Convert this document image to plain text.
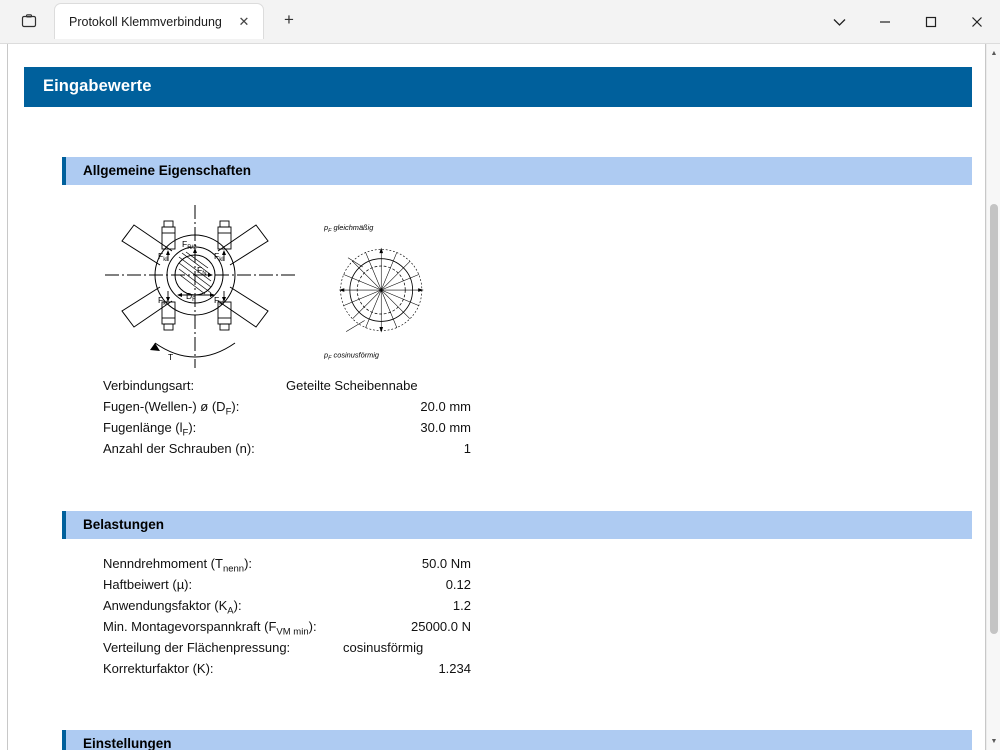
Protokoll Klemmverbindung	✕	+
Eingabewerte
Allgemeine Eigenschaften
$F_{kl}$	$F_{kl}$
$F_{kl}$	$F_{kl}$
$F_{R/2}$
$F_N$
$D_F$
T
$p_F$ gleichmäßig
$p_F$ cosinusförmig
Verbindungsart:	Geteilte Scheibennabe
Fugen-(Wellen-) ø $(D_F)$:	20.0 mm
Fugenlänge $(l_F)$:	30.0 mm
Anzahl der Schrauben (n):	1
Belastungen
Nenndrehmoment $(T_{nenn})$:	50.0 Nm
Haftbeiwert (µ):	0.12
Anwendungsfaktor $(K_A)$:	1.2
Min. Montagevorspannkraft $(F_{VM min})$:	25000.0 N
Verteilung der Flächenpressung:	cosinusförmig
Korrekturfaktor (K):	1.234
Einstellungen
▲
▼
